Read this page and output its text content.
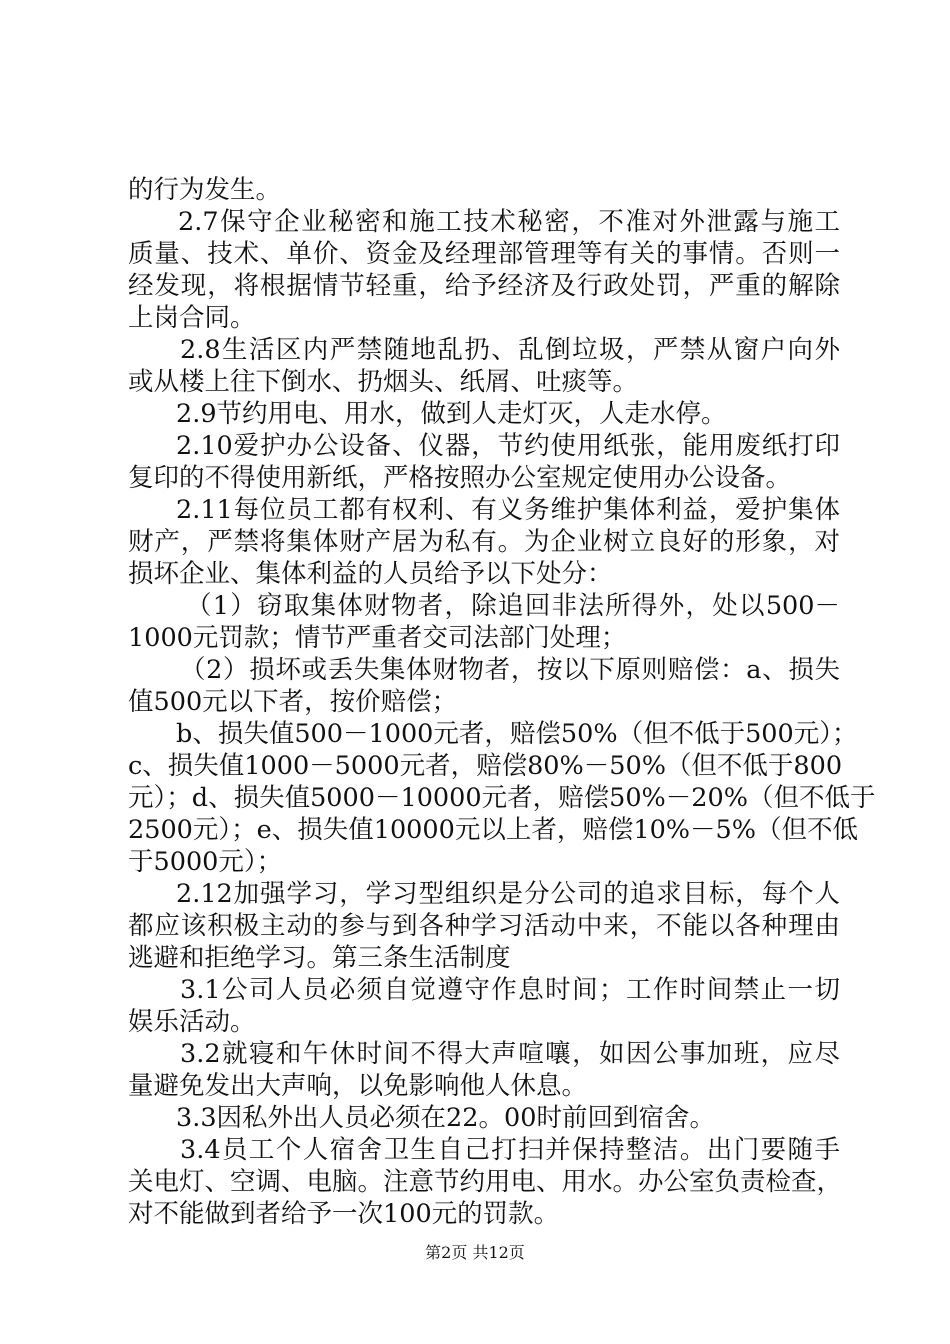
的行为发生。
2.7保守企业秘密和施工技术秘密，不准对外泄露与施工
质量、技术、单价、资金及经理部管理等有关的事情。否则一
经发现，将根据情节轻重，给予经济及行政处罚，严重的解除
上岗合同。
2.8生活区内严禁随地乱扔、乱倒垃圾，严禁从窗户向外
或从楼上往下倒水、扔烟头、纸屑、吐痰等。
2.9节约用电、用水，做到人走灯灭，人走水停。
2.10爱护办公设备、仪器，节约使用纸张，能用废纸打印
复印的不得使用新纸，严格按照办公室规定使用办公设备。
2.11每位员工都有权利、有义务维护集体利益，爱护集体
财产，严禁将集体财产居为私有。为企业树立良好的形象，对
损坏企业、集体利益的人员给予以下处分：
（1）窃取集体财物者，除追回非法所得外，处以500－
1000元罚款；情节严重者交司法部门处理；
（2）损坏或丢失集体财物者，按以下原则赔偿：a、损失
值500元以下者，按价赔偿；
b、损失值500－1000元者，赔偿50%（但不低于500元）；
c、损失值1000－5000元者，赔偿80%－50%（但不低于800
元）；d、损失值5000－10000元者，赔偿50%－20%（但不低于
2500元）；e、损失值10000元以上者，赔偿10%－5%（但不低
于5000元）；
2.12加强学习，学习型组织是分公司的追求目标，每个人
都应该积极主动的参与到各种学习活动中来，不能以各种理由
逃避和拒绝学习。第三条生活制度
3.1公司人员必须自觉遵守作息时间；工作时间禁止一切
娱乐活动。
3.2就寝和午休时间不得大声喧嚷，如因公事加班，应尽
量避免发出大声响，以免影响他人休息。
3.3因私外出人员必须在22。00时前回到宿舍。
3.4员工个人宿舍卫生自己打扫并保持整洁。出门要随手
关电灯、空调、电脑。注意节约用电、用水。办公室负责检查，
对不能做到者给予一次100元的罚款。
第2页 共12页
